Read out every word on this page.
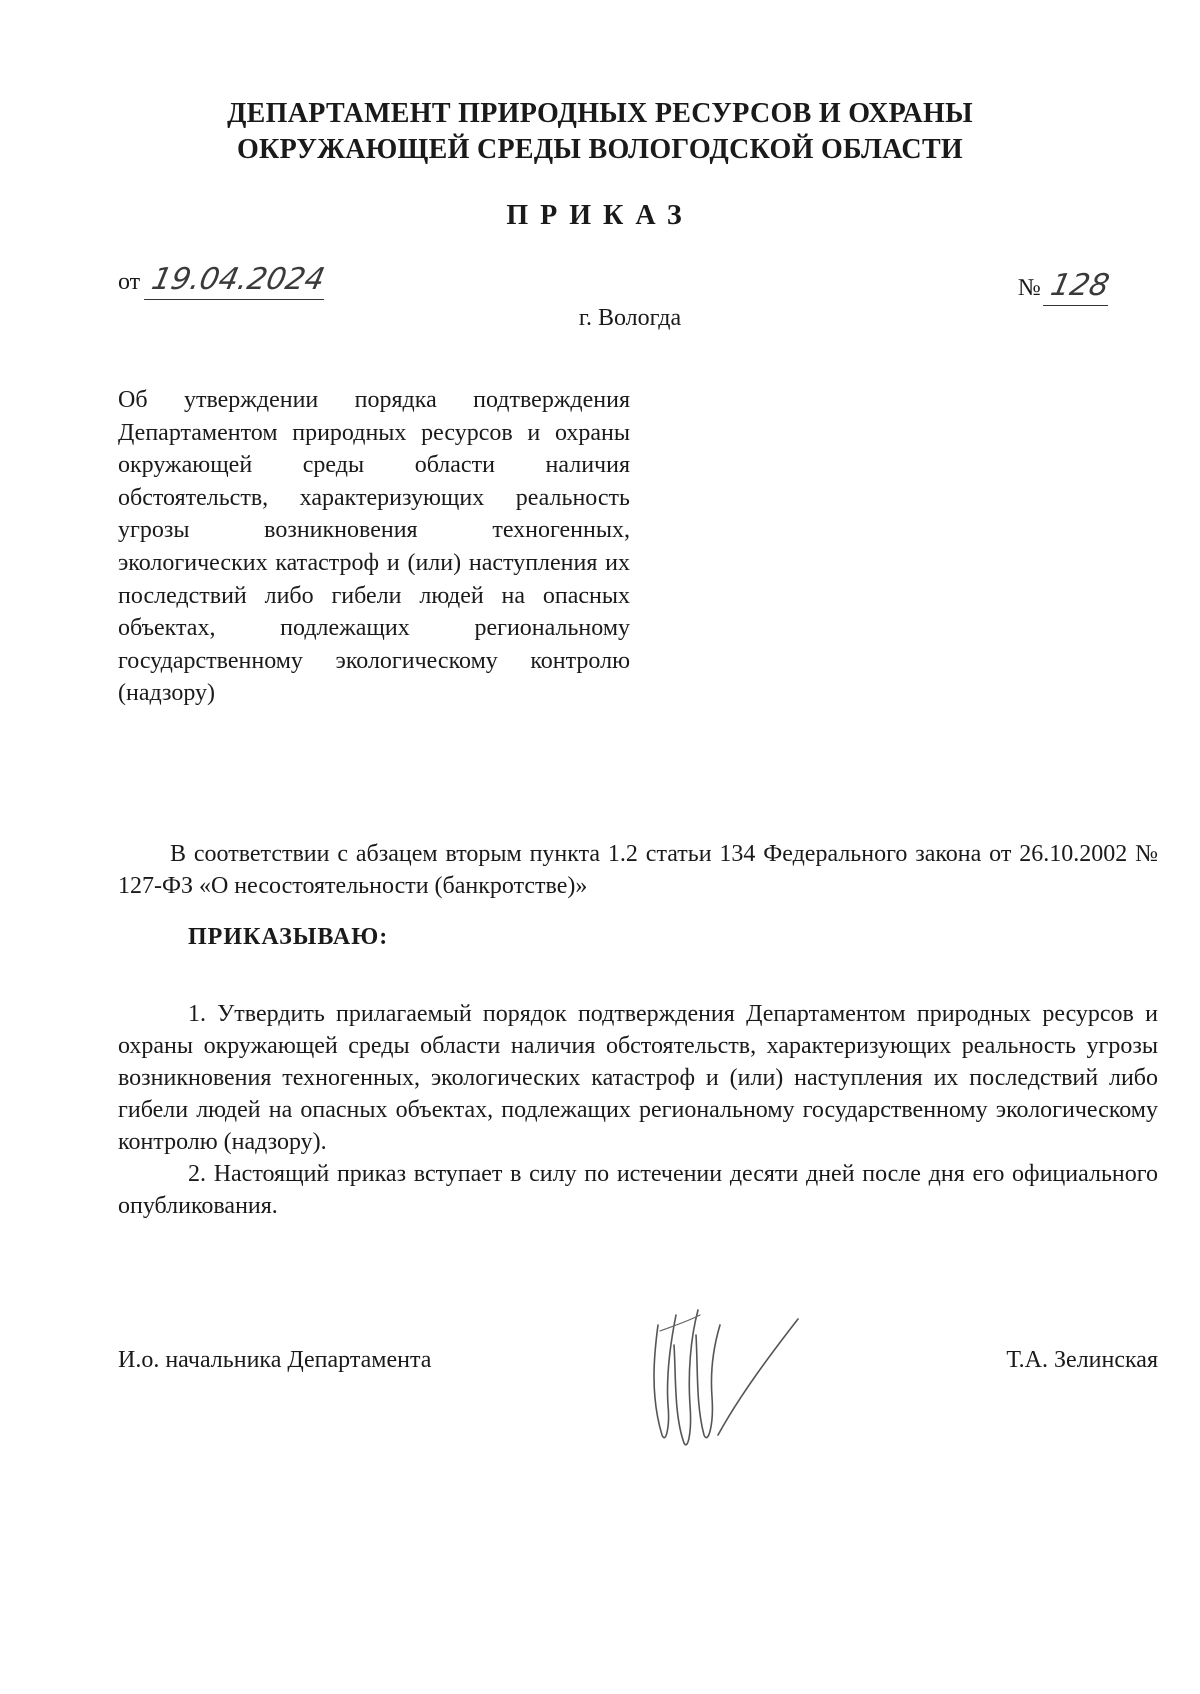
ДЕПАРТАМЕНТ ПРИРОДНЫХ РЕСУРСОВ И ОХРАНЫ
ОКРУЖАЮЩЕЙ СРЕДЫ ВОЛОГОДСКОЙ ОБЛАСТИ
ПРИКАЗ
от 19.04.2024	№ 128
г. Вологда
Об утверждении порядка подтверждения Департаментом природных ресурсов и охраны окружающей среды области наличия обстоятельств, характеризующих реальность угрозы возникновения техногенных, экологических катастроф и (или) наступления их последствий либо гибели людей на опасных объектах, подлежащих региональному государственному экологическому контролю (надзору)
В соответствии с абзацем вторым пункта 1.2 статьи 134 Федерального закона от 26.10.2002 № 127-ФЗ «О несостоятельности (банкротстве)»
ПРИКАЗЫВАЮ:

1. Утвердить прилагаемый порядок подтверждения Департаментом природных ресурсов и охраны окружающей среды области наличия обстоятельств, характеризующих реальность угрозы возникновения техногенных, экологических катастроф и (или) наступления их последствий либо гибели людей на опасных объектах, подлежащих региональному государственному экологическому контролю (надзору).

2. Настоящий приказ вступает в силу по истечении десяти дней после дня его официального опубликования.

И.о. начальника Департамента	Т.А. Зелинская
